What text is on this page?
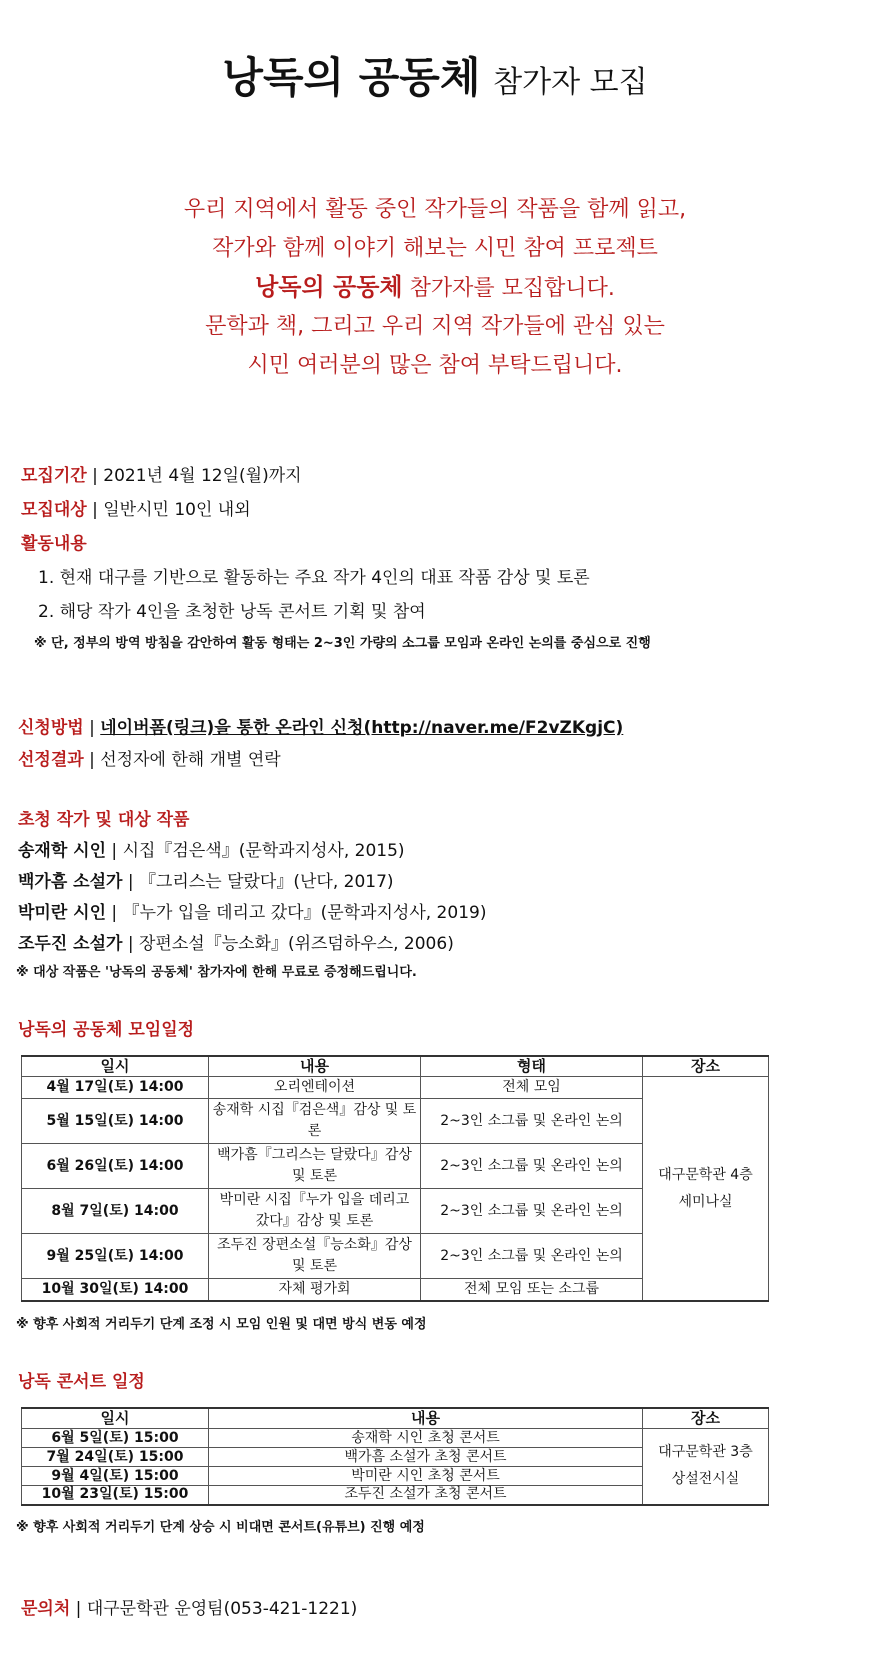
낭독의 공동체 참가자 모집
우리 지역에서 활동 중인 작가들의 작품을 함께 읽고,
작가와 함께 이야기 해보는 시민 참여 프로젝트
낭독의 공동체 참가자를 모집합니다.
문학과 책, 그리고 우리 지역 작가들에 관심 있는
시민 여러분의 많은 참여 부탁드립니다.
모집기간 | 2021년 4월 12일(월)까지
모집대상 | 일반시민 10인 내외
활동내용
1. 현재 대구를 기반으로 활동하는 주요 작가 4인의 대표 작품 감상 및 토론
2. 해당 작가 4인을 초청한 낭독 콘서트 기획 및 참여
※ 단, 정부의 방역 방침을 감안하여 활동 형태는 2~3인 가량의 소그룹 모임과 온라인 논의를 중심으로 진행
신청방법 | 네이버폼(링크)을 통한 온라인 신청(http://naver.me/F2vZKgjC)
선정결과 | 선정자에 한해 개별 연락
초청 작가 및 대상 작품
송재학 시인 | 시집『검은색』(문학과지성사, 2015)
백가흠 소설가 | 『그리스는 달랐다』(난다, 2017)
박미란 시인 | 『누가 입을 데리고 갔다』(문학과지성사, 2019)
조두진 소설가 | 장편소설『능소화』(위즈덤하우스, 2006)
※ 대상 작품은 '낭독의 공동체' 참가자에 한해 무료로 증정해드립니다.
낭독의 공동체 모임일정
일시	내용	형태	장소
4월 17일(토) 14:00	오리엔테이션	전체 모임	대구문학관 4층 세미나실
5월 15일(토) 14:00	송재학 시집『검은색』감상 및 토론	2~3인 소그룹 및 온라인 논의	
6월 26일(토) 14:00	백가흠『그리스는 달랐다』감상 및 토론	2~3인 소그룹 및 온라인 논의	
8월 7일(토) 14:00	박미란 시집『누가 입을 데리고 갔다』감상 및 토론	2~3인 소그룹 및 온라인 논의	
9월 25일(토) 14:00	조두진 장편소설『능소화』감상 및 토론	2~3인 소그룹 및 온라인 논의	
10월 30일(토) 14:00	자체 평가회	전체 모임 또는 소그룹	
※ 향후 사회적 거리두기 단계 조정 시 모임 인원 및 대면 방식 변동 예정
낭독 콘서트 일정
일시	내용	장소
6월 5일(토) 15:00	송재학 시인 초청 콘서트	대구문학관 3층 상설전시실
7월 24일(토) 15:00	백가흠 소설가 초청 콘서트	
9월 4일(토) 15:00	박미란 시인 초청 콘서트	
10월 23일(토) 15:00	조두진 소설가 초청 콘서트	
※ 향후 사회적 거리두기 단계 상승 시 비대면 콘서트(유튜브) 진행 예정
문의처 | 대구문학관 운영팀(053-421-1221)
